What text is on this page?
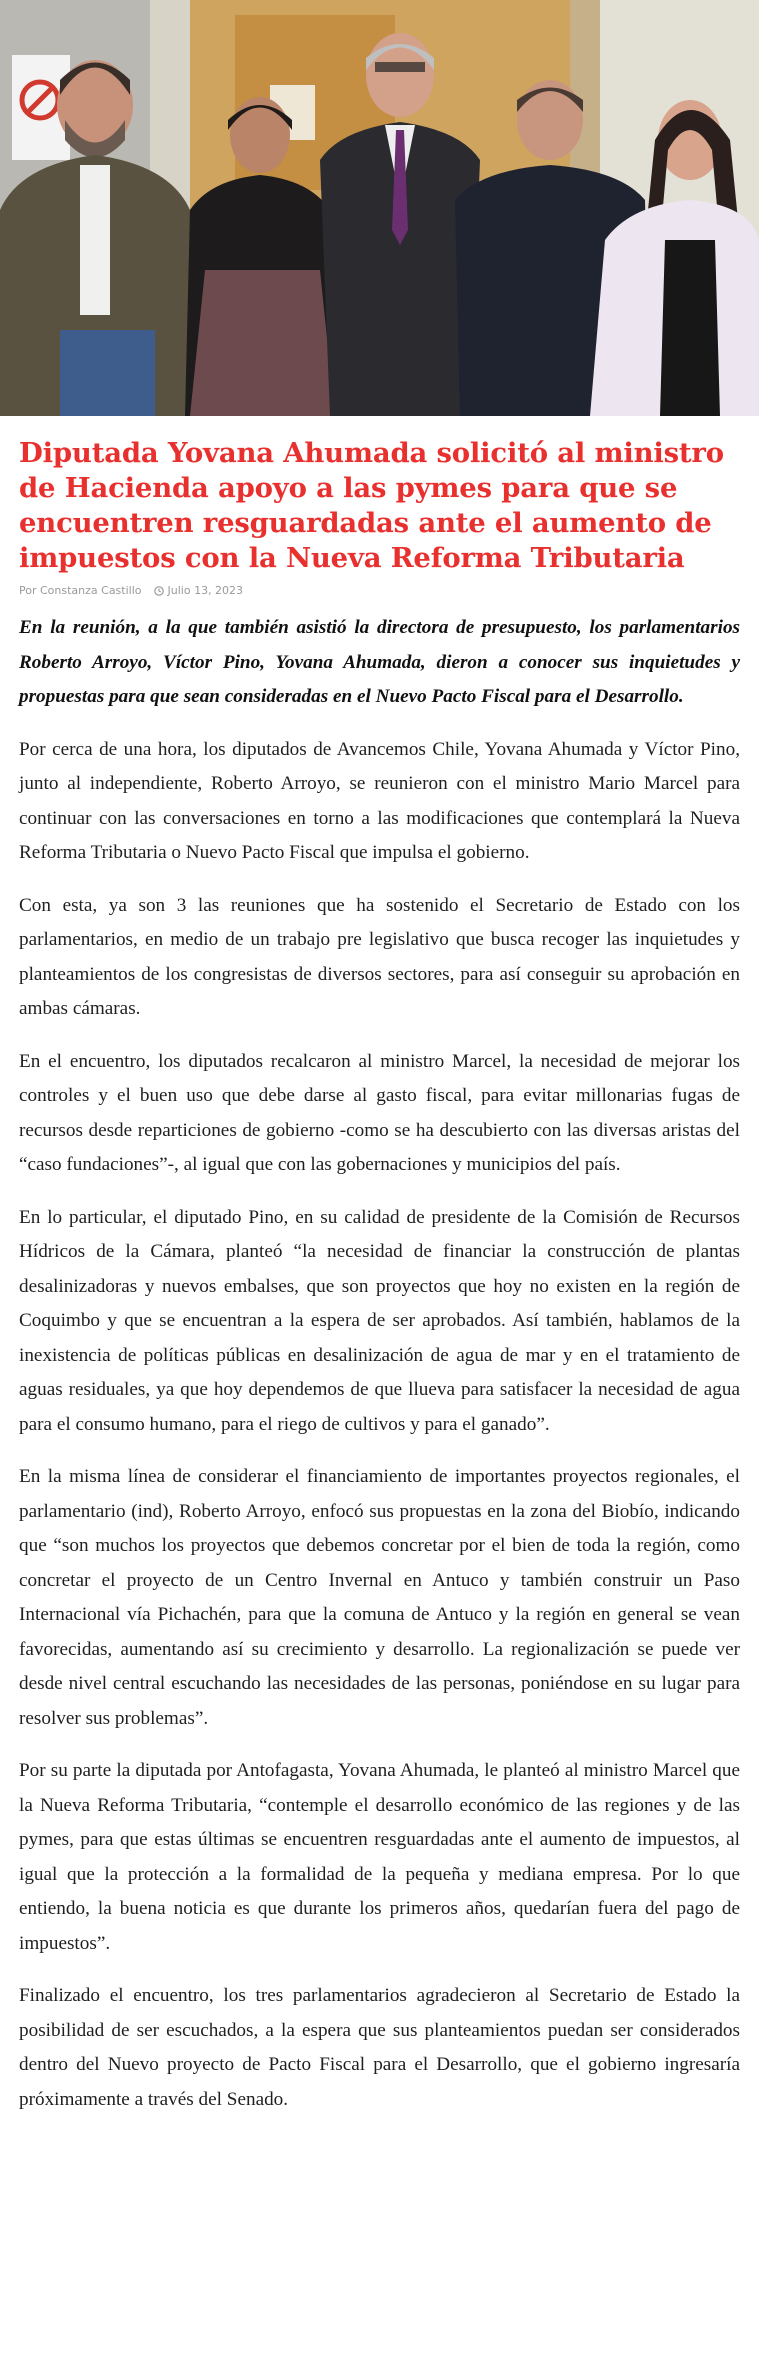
Diputada Yovana Ahumada solicitó al ministro de Hacienda apoyo a las pymes para que se encuentren resguardadas ante el aumento de impuestos con la Nueva Reforma Tributaria
Por Constanza Castillo Julio 13, 2023

En la reunión, a la que también asistió la directora de presupuesto, los parlamentarios Roberto Arroyo, Víctor Pino, Yovana Ahumada, dieron a conocer sus inquietudes y propuestas para que sean consideradas en el Nuevo Pacto Fiscal para el Desarrollo.

Por cerca de una hora, los diputados de Avancemos Chile, Yovana Ahumada y Víctor Pino, junto al independiente, Roberto Arroyo, se reunieron con el ministro Mario Marcel para continuar con las conversaciones en torno a las modificaciones que contemplará la Nueva Reforma Tributaria o Nuevo Pacto Fiscal que impulsa el gobierno.

Con esta, ya son 3 las reuniones que ha sostenido el Secretario de Estado con los parlamentarios, en medio de un trabajo pre legislativo que busca recoger las inquietudes y planteamientos de los congresistas de diversos sectores, para así conseguir su aprobación en ambas cámaras.

En el encuentro, los diputados recalcaron al ministro Marcel, la necesidad de mejorar los controles y el buen uso que debe darse al gasto fiscal, para evitar millonarias fugas de recursos desde reparticiones de gobierno -como se ha descubierto con las diversas aristas del “caso fundaciones”-, al igual que con las gobernaciones y municipios del país.

En lo particular, el diputado Pino, en su calidad de presidente de la Comisión de Recursos Hídricos de la Cámara, planteó “la necesidad de financiar la construcción de plantas desalinizadoras y nuevos embalses, que son proyectos que hoy no existen en la región de Coquimbo y que se encuentran a la espera de ser aprobados. Así también, hablamos de la inexistencia de políticas públicas en desalinización de agua de mar y en el tratamiento de aguas residuales, ya que hoy dependemos de que llueva para satisfacer la necesidad de agua para el consumo humano, para el riego de cultivos y para el ganado”.

En la misma línea de considerar el financiamiento de importantes proyectos regionales, el parlamentario (ind), Roberto Arroyo, enfocó sus propuestas en la zona del Biobío, indicando que “son muchos los proyectos que debemos concretar por el bien de toda la región, como concretar el proyecto de un Centro Invernal en Antuco y también construir un Paso Internacional vía Pichachén, para que la comuna de Antuco y la región en general se vean favorecidas, aumentando así su crecimiento y desarrollo. La regionalización se puede ver desde nivel central escuchando las necesidades de las personas, poniéndose en su lugar para resolver sus problemas”.

Por su parte la diputada por Antofagasta, Yovana Ahumada, le planteó al ministro Marcel que la Nueva Reforma Tributaria, “contemple el desarrollo económico de las regiones y de las pymes, para que estas últimas se encuentren resguardadas ante el aumento de impuestos, al igual que la protección a la formalidad de la pequeña y mediana empresa. Por lo que entiendo, la buena noticia es que durante los primeros años, quedarían fuera del pago de impuestos”.

Finalizado el encuentro, los tres parlamentarios agradecieron al Secretario de Estado la posibilidad de ser escuchados, a la espera que sus planteamientos puedan ser considerados dentro del Nuevo proyecto de Pacto Fiscal para el Desarrollo, que el gobierno ingresaría próximamente a través del Senado.
